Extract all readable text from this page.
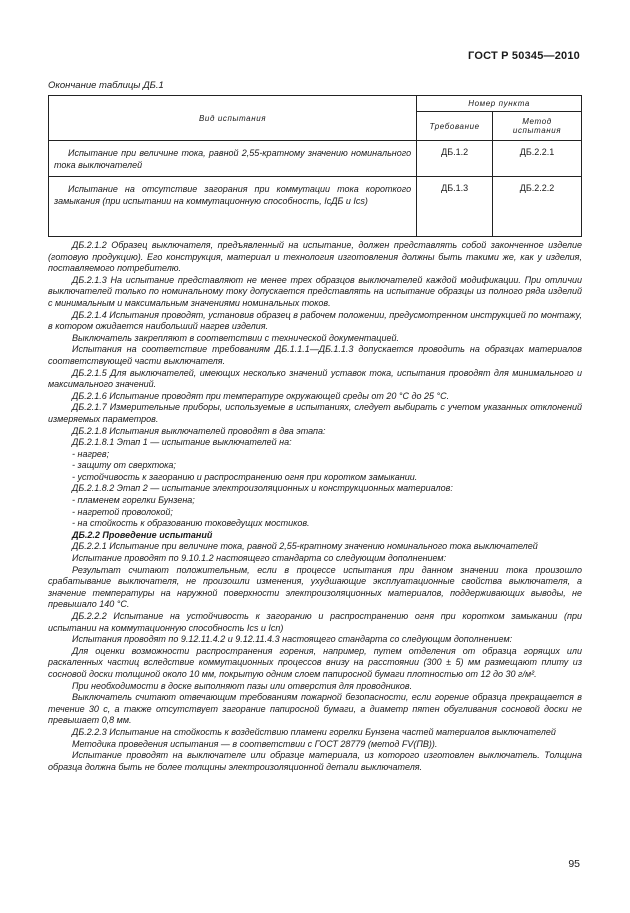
ГОСТ Р 50345—2010
Окончание таблицы ДБ.1
Вид испытания	Номер пункта	
	Требование	Метод испытания
Испытание при величине тока, равной 2,55-кратному значению номинального тока выключателей	ДБ.1.2	ДБ.2.2.1
Испытание на отсутствие загорания при коммутации тока короткого замыкания (при испытании на коммутационную способность, IcДБ и Ics)	ДБ.1.3	ДБ.2.2.2

ДБ.2.1.2 Образец выключателя, предъявленный на испытание, должен представлять собой законченное изделие (готовую продукцию). Его конструкция, материал и технология изготовления должны быть такими же, как у изделия, поставляемого потребителю.

ДБ.2.1.3 На испытание представляют не менее трех образцов выключателей каждой модификации. При отличии выключателей только по номинальному току допускается представлять на испытание образцы из полного ряда изделий с минимальным и максимальным значениями номинальных токов.

ДБ.2.1.4 Испытания проводят, установив образец в рабочем положении, предусмотренном инструкцией по монтажу, в котором ожидается наибольший нагрев изделия.

Выключатель закрепляют в соответствии с технической документацией.

Испытания на соответствие требованиям ДБ.1.1.1—ДБ.1.1.3 допускается проводить на образцах материалов соответствующей части выключателя.

ДБ.2.1.5 Для выключателей, имеющих несколько значений уставок тока, испытания проводят для минимального и максимального значений.

ДБ.2.1.6 Испытание проводят при температуре окружающей среды от 20 °C до 25 °C.

ДБ.2.1.7 Измерительные приборы, используемые в испытаниях, следует выбирать с учетом указанных отклонений измеряемых параметров.

ДБ.2.1.8 Испытания выключателей проводят в два этапа:

ДБ.2.1.8.1 Этап 1 — испытание выключателей на:

- нагрев;

- защиту от сверхтока;

- устойчивость к загоранию и распространению огня при коротком замыкании.

ДБ.2.1.8.2 Этап 2 — испытание электроизоляционных и конструкционных материалов:

- пламенем горелки Бунзена;

- нагретой проволокой;

- на стойкость к образованию токоведущих мостиков.

ДБ.2.2 Проведение испытаний

ДБ.2.2.1 Испытание при величине тока, равной 2,55-кратному значению номинального тока выключателей

Испытание проводят по 9.10.1.2 настоящего стандарта со следующим дополнением:

Результат считают положительным, если в процессе испытания при данном значении тока произошло срабатывание выключателя, не произошли изменения, ухудшающие эксплуатационные свойства выключателя, а значение температуры на наружной поверхности электроизоляционных материалов, поддерживающих выводы, не превышало 140 °C.

ДБ.2.2.2 Испытание на устойчивость к загоранию и распространению огня при коротком замыкании (при испытании на коммутационную способность Ics и Icn)

Испытания проводят по 9.12.11.4.2 и 9.12.11.4.3 настоящего стандарта со следующим дополнением:

Для оценки возможности распространения горения, например, путем отделения от образца горящих или раскаленных частиц вследствие коммутационных процессов внизу на расстоянии (300 ± 5) мм размещают плиту из сосновой доски толщиной около 10 мм, покрытую одним слоем папиросной бумаги плотностью от 12 до 30 г/м².

При необходимости в доске выполняют пазы или отверстия для проводников.

Выключатель считают отвечающим требованиям пожарной безопасности, если горение образца прекращается в течение 30 с, а также отсутствует загорание папиросной бумаги, а диаметр пятен обугливания сосновой доски не превышает 0,8 мм.

ДБ.2.2.3 Испытание на стойкость к воздействию пламени горелки Бунзена частей материалов выключателей

Методика проведения испытания — в соответствии с ГОСТ 28779 (метод FV(ПВ)).

Испытание проводят на выключателе или образце материала, из которого изготовлен выключатель. Толщина образца должна быть не более толщины электроизоляционной детали выключателя.

95
